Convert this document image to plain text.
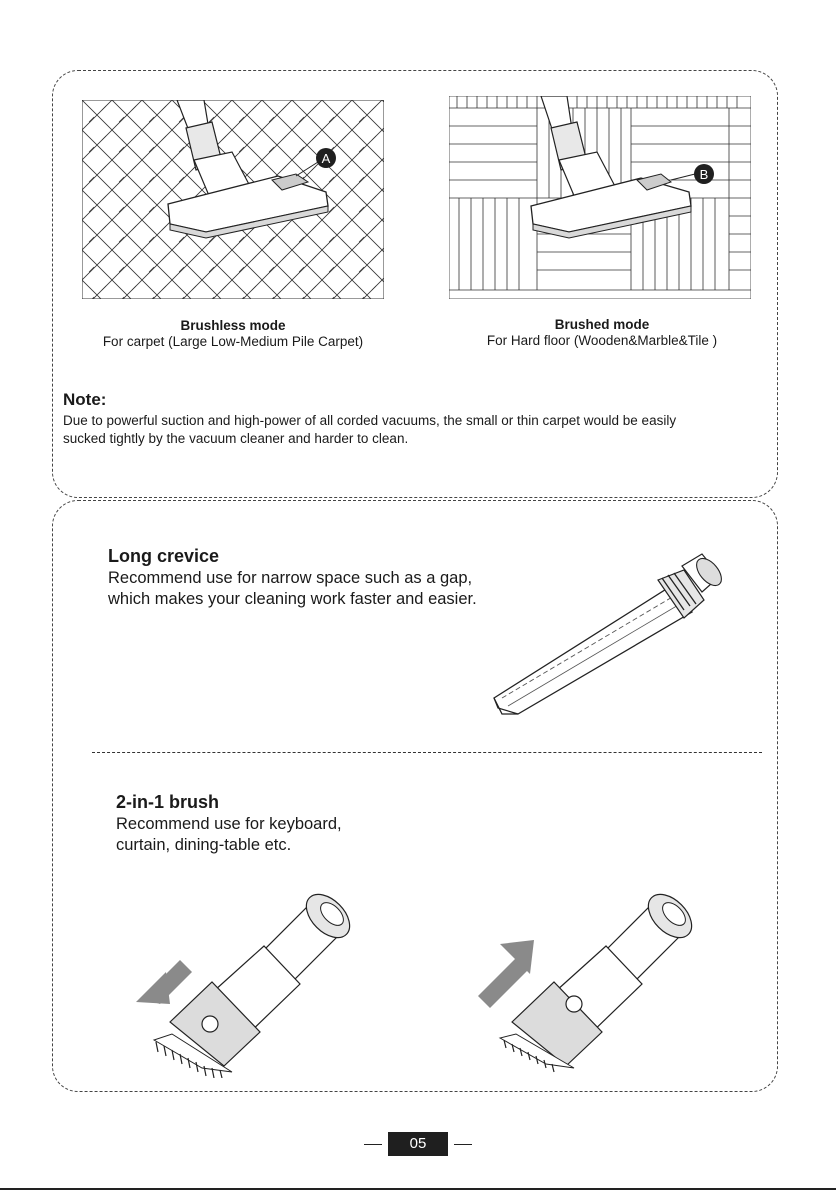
A
B
Brushless mode
For carpet (Large Low-Medium Pile Carpet)
Brushed mode
For Hard floor (Wooden&Marble&Tile )
Note:
Due to powerful suction and high-power of all corded vacuums, the small or thin carpet would be easily
sucked tightly by the vacuum cleaner and harder to clean.
Long crevice
Recommend use for narrow space such as a gap,
which makes your cleaning work faster and easier.
2-in-1 brush
Recommend use for keyboard,
curtain, dining-table etc.
05
